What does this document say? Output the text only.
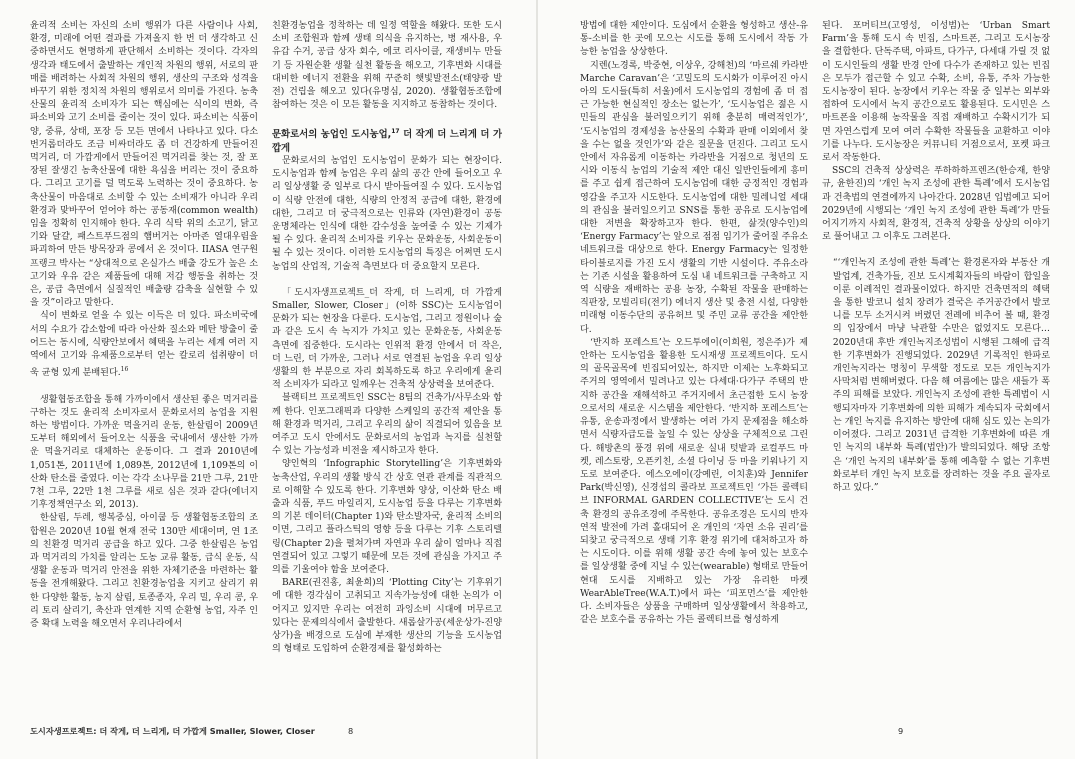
윤리적 소비는 자신의 소비 행위가 다른 사람이나 사회, 환경, 미래에 어떤 결과를 가져올지 한 번 더 생각하고 신중하면서도 현명하게 판단해서 소비하는 것이다. 각자의 생각과 태도에서 출발하는 개인적 차원의 행위, 서로의 판매를 배려하는 사회적 차원의 행위, 생산의 구조와 성격을 바꾸기 위한 정치적 차원의 행위로서 의미를 가진다. 농축산물의 윤리적 소비자가 되는 핵심에는 식이의 변화, 즉 파소비와 고기 소비를 줄이는 것이 있다. 파소비는 식품이 양, 중류, 상태, 포장 등 모든 면에서 나타나고 있다. 다소 번거롭더라도 조금 비싸더라도 좀 더 건강하게 만들어진 먹거리, 더 가깝게에서 만들어진 먹거리를 찾는 것, 잘 포장된 잘생긴 농축산물에 대한 욕심을 버리는 것이 중요하다. 그리고 고기를 덜 먹도록 노력하는 것이 중요하다. 농축산물이 마음대로 소비할 수 있는 소비재가 아니라 우리 환경과 맞바꾸어 얻어야 하는 공동재(common wealth)임을 정확히 인지해야 한다. 우리 식탁 위의 소고기, 닭고기와 달걀, 패스트푸드점의 햄버거는 아마존 열대우림을 파괴하여 만든 방목장과 콩에서 온 것이다. IIASA 연구원 프랭크 박사는 “상대적으로 온실가스 배출 강도가 높은 소고기와 우유 같은 제품들에 대해 저감 행동을 취하는 것은, 공급 측면에서 실질적인 배출량 감축을 실현할 수 있을 것”이라고 말한다.

식이 변화로 얻을 수 있는 이득은 더 있다. 파소비국에서의 수요가 감소함에 따라 아산화 질소와 메탄 방출이 줄어드는 동시에, 식량안보에서 혜택을 누리는 세계 여러 지역에서 고기와 유제품으로부터 얻는 칼로리 섭취량이 더욱 균형 있게 분배된다.$^{16}$

생활협동조합을 통해 가까이에서 생산된 좋은 먹거리를 구하는 것도 윤리적 소비자로서 문화로서의 농업을 지원하는 방법이다. 가까운 먹을거리 운동, 한살림이 2009년도부터 해외에서 들어오는 식품을 국내에서 생산한 가까운 먹을거리로 대체하는 운동이다. 그 결과 2010년에 1,051톤, 2011년에 1,089톤, 2012년에 1,109톤의 이산화 탄소를 줄였다. 이는 각각 소나무를 21만 그루, 21만 7천 그루, 22만 1천 그루를 새로 심은 것과 같다(에너지기후정책연구소 외, 2013).

한살림, 두레, 행복중심, 아이쿱 등 생활협동조합의 조합원은 2020년 10월 현재 전국 130만 세대이며, 연 1조의 친환경 먹거리 공급을 하고 있다. 그중 한살림은 농업과 먹거리의 가치를 알리는 도농 교류 활동, 급식 운동, 식생활 운동과 먹거리 안전을 위한 자체기준을 마련하는 활동을 전개해왔다. 그리고 친환경농업을 지키고 살리기 위한 다양한 활동, 농지 살림, 토종종자, 우리 밀, 우리 콩, 우리 토리 살리기, 축산과 연계한 지역 순환형 농업, 자주 인증 확대 노력을 해오면서 우리나라에서

친환경농업을 정착하는 데 일정 역할을 해왔다. 또한 도시 소비 조합원과 함께 생태 의식을 유지하는, 병 재사용, 우유갑 수거, 공급 상자 회수, 에코 리사이클, 재생비누 만들기 등 자원순환 생활 실천 활동을 해오고, 기후변화 시대를 대비한 에너지 전환을 위해 꾸준히 햇빛발전소(태양광 발전) 건립을 해오고 있다(유명심, 2020). 생활협동조합에 참여하는 것은 이 모든 활동을 지지하고 동참하는 것이다.

문화로서의 농업인 도시농업,$^{17}$ 더 작게 더 느리게 더 가깝게

문화로서의 농업인 도시농업이 문화가 되는 현장이다. 도시농업과 함께 농업은 우리 삶의 공간 안에 들어오고 우리 일상생활 중 일부로 다시 받아들여질 수 있다. 도시농업이 식량 안전에 대한, 식량의 안정적 공급에 대한, 환경에 대한, 그리고 더 궁극적으로는 인류와 (자연)환경이 공동 운명체라는 인식에 대한 감수성을 높여줄 수 있는 기제가 될 수 있다. 윤리적 소비자를 키우는 문화운동, 사회운동이 될 수 있는 것이다. 이러한 도시농업의 특징은 어쩌면 도시농업의 산업적, 기술적 측면보다 더 중요할지 모른다.

「도시자생프로젝트_더 작게, 더 느리게, 더 가깝게 Smaller, Slower, Closer」(이하 SSC)는 도시농업이 문화가 되는 현장을 다룬다. 도시농업, 그리고 정원이나 숲과 같은 도시 속 녹지가 가치고 있는 문화운동, 사회운동 측면에 집중한다. 도시라는 인위적 환경 안에서 더 작은, 더 느린, 더 가까운, 그러나 서로 연결된 농업을 우리 일상생활의 한 부분으로 자리 회복하도록 하고 우리에게 윤리적 소비자가 되라고 일깨우는 건축적 상상력을 보여준다.

블랙티브 프로젝트인 SSC는 8팀의 건축가/사무소와 함께 한다. 인포그래픽과 다양한 스케일의 공간적 제안을 통해 환경과 먹거리, 그리고 우리의 삶이 직결되어 있음을 보여주고 도시 안에서도 문화로서의 농업과 녹지를 실천할 수 있는 가능성과 비전을 제시하고자 한다.

양인혁의 ‘Infographic Storytelling’은 기후변화와 농축산업, 우리의 생활 방식 간 상호 연관 관계를 직관적으로 이해할 수 있도록 한다. 기후변화 양상, 이산화 탄소 배출과 식품, 푸드 마일리지, 도시농업 등을 다루는 기후변화의 기본 데이터(Chapter 1)와 탄소발자국, 윤리적 소비의 이면, 그리고 플라스틱의 영향 등을 다루는 기후 스토리텔링(Chapter 2)을 펼쳐가며 자연과 우리 삶이 얼마나 직접 연결되어 있고 그렇기 때문에 모든 것에 관심을 가지고 주의를 기울여야 함을 보여준다.

BARE(권진홍, 최윤희)의 ‘Plotting City’는 기후위기에 대한 경각심이 고취되고 지속가능성에 대한 논의가 이어지고 있지만 우리는 여전히 과잉소비 시대에 머무르고 있다는 문제의식에서 출발한다. 새롭살가공(세운상가-진양상가)을 배경으로 도심에 부재한 생산의 기능을 도시농업의 형태로 도입하여 순환경제를 활성화하는

도시자생프로젝트: 더 작게, 더 느리게, 더 가깝게 Smaller, Slower, Closer	8

방법에 대한 제안이다. 도심에서 순환을 형성하고 생산-유통-소비를 한 곳에 모으는 시도를 통해 도시에서 작동 가능한 농업을 상상한다.

지렌(노경록, 박중현, 이상우, 강해천)의 ‘마르쉐 카라반 Marche Caravan’은 ‘고밀도의 도시화가 이루어진 아시아의 도시들(특히 서울)에서 도시농업의 경험에 좀 더 접근 가능한 현실적인 장소는 없는가’, ‘도시농업은 젊은 시민들의 관심을 불러일으키기 위해 충분히 매력적인가’, ‘도시농업의 경제성을 농산물의 수확과 판매 이외에서 찾을 수는 없을 것인가’와 같은 질문을 던진다. 그리고 도시 안에서 자유롭게 이동하는 카라반을 거점으로 청년의 도시와 이동식 농업의 기술적 제안 대신 일반인들에게 흥미를 주고 쉽게 접근하여 도시농업에 대한 긍정적인 경험과 영감을 주고자 시도한다. 도시농업에 대한 밀레니얼 세대의 관심을 불러일으키고 SNS를 통한 공유로 도시농업에 대한 저변을 확장하고자 한다. 한편, 삶것(양수인)의 ‘Energy Farmacy’는 앞으로 점점 임기가 줄어질 주유소 네트워크를 대상으로 한다. Energy Farmacy는 일정한 타이블로지를 가진 도시 생활의 기반 시설이다. 주유소라는 기존 시설을 활용하여 도심 내 네트워크를 구축하고 지역 식량을 재배하는 공용 농장, 수확된 작물을 판매하는 직판장, 모빌리티(전기) 에너지 생산 및 충전 시설, 다양한 미래형 이동수단의 공유허브 및 주민 교류 공간을 제안한다.

‘반지하 포레스트’는 오드투에이(이희원, 정은주)가 제안하는 도시농업을 활용한 도시재생 프로젝트이다. 도시의 골목골목에 빈집되어있는, 하지만 이제는 노후화되고 주거의 영역에서 밀려나고 있는 다세대·다가구 주택의 반지하 공간을 재해석하고 주거지에서 초근접한 도시 농장으로서의 새로운 시스템을 제안한다. ‘반지하 포레스트’는 유통, 운송과정에서 발생하는 여러 가지 문제점을 해소하면서 식량자급도를 높일 수 있는 상상을 구체적으로 그린다. 해방촌의 풍경 위에 새로운 실내 텃밭과 로컬푸드 마켓, 레스토랑, 오픈키친, 소셜 다이닝 등 마을 키워나기 지도로 보여준다. 에스오에이(강예린, 이치훈)와 Jennifer Park(박신영), 신경섭의 콜라보 프로젝트인 ‘가든 콜렉티브 INFORMAL GARDEN COLLECTIVE’는 도시 건축 환경의 공유조경에 주목한다. 공유조경은 도시의 반자연적 발전에 가려 홀대되어 온 개인의 ‘자연 소유 권리’를 되찾고 궁극적으로 생태 기후 환경 위기에 대처하고자 하는 시도이다. 이를 위해 생활 공간 속에 놓여 있는 보호수를 일상생활 중에 지닐 수 있는(wearable) 형태로 만들어 현대 도시를 지배하고 있는 가장 유리한 마켓 WearAbleTree(W.A.T.)에서 파는 ‘피포먼스’를 제안한다. 소비자들은 상품을 구매하며 일상생활에서 착용하고, 같은 보호수를 공유하는 가든 콜렉티브를 형성하게

된다. 포머티브(고영성, 이성범)는 ‘Urban Smart Farm’을 통해 도시 속 빈집, 스마트폰, 그리고 도시농장을 결합한다. 단독주택, 아파트, 다가구, 다세대 가릴 것 없이 도시인들의 생활 반경 안에 다수가 존재하고 있는 빈집은 모두가 접근할 수 있고 수확, 소비, 유통, 주차 가능한 도시농장이 된다. 농장에서 키우는 작물 중 일부는 외부와 접하여 도시에서 녹지 공간으로도 활용된다. 도시민은 스마트폰을 이용해 농작물을 직접 재배하고 수확시기가 되면 자연스럽게 모여 여러 수확한 작물들을 교환하고 이야기를 나누다. 도시농장은 커뮤니티 거점으로서, 포켓 파크로서 작동한다.

SSC의 건축적 상상력은 푸하하하프렌즈(한승재, 한양규, 윤한진)의 ‘개인 녹지 조성에 관한 특례’에서 도시농업과 건축법의 연결에까지 나아간다. 2028년 입법예고 되어 2029년에 시행되는 ‘개인 녹지 조성에 관한 특례’가 만들어지기까지 사회적, 환경적, 건축적 상황을 상상의 이야기로 풀어내고 그 이후도 그려본다.

“‘개인녹지 조성에 관한 특례’는 환경론자와 부동산 개발업계, 건축가들, 진보 도시계획자들의 바람이 합일을 이룬 이례적인 결과물이었다. 하지만 건축면적의 혜택을 통한 발코니 설치 장려가 결국은 주거공간에서 발코니를 모두 소거시켜 버렸던 전례에 비추어 볼 때, 환경의 입장에서 마냥 낙관할 수만은 없었지도 모른다… 2020년대 후반 개인녹지조성법이 시행된 그해에 급격한 기후변화가 진행되었다. 2029년 기록적인 한파로 개인녹지라는 명칭이 무색할 정도로 모든 개인녹지가 사막처럼 변해버렸다. 다음 해 여름에는 많은 새들가 폭주의 피해를 보았다. 개인녹지 조성에 관한 특례법이 시행되자마자 기후변화에 의한 피해가 계속되자 국회에서는 개인 녹지를 유지하는 방안에 대해 심도 있는 논의가 이어졌다. 그리고 2031년 급격한 기후변화에 따른 개인 녹지의 내부화 특례(법안)가 발의되었다. 해당 조항은 ‘개인 녹지의 내부화’를 통해 예측할 수 없는 기후변화로부터 개인 녹지 보호를 장려하는 것을 주요 골자로 하고 있다.”

9
